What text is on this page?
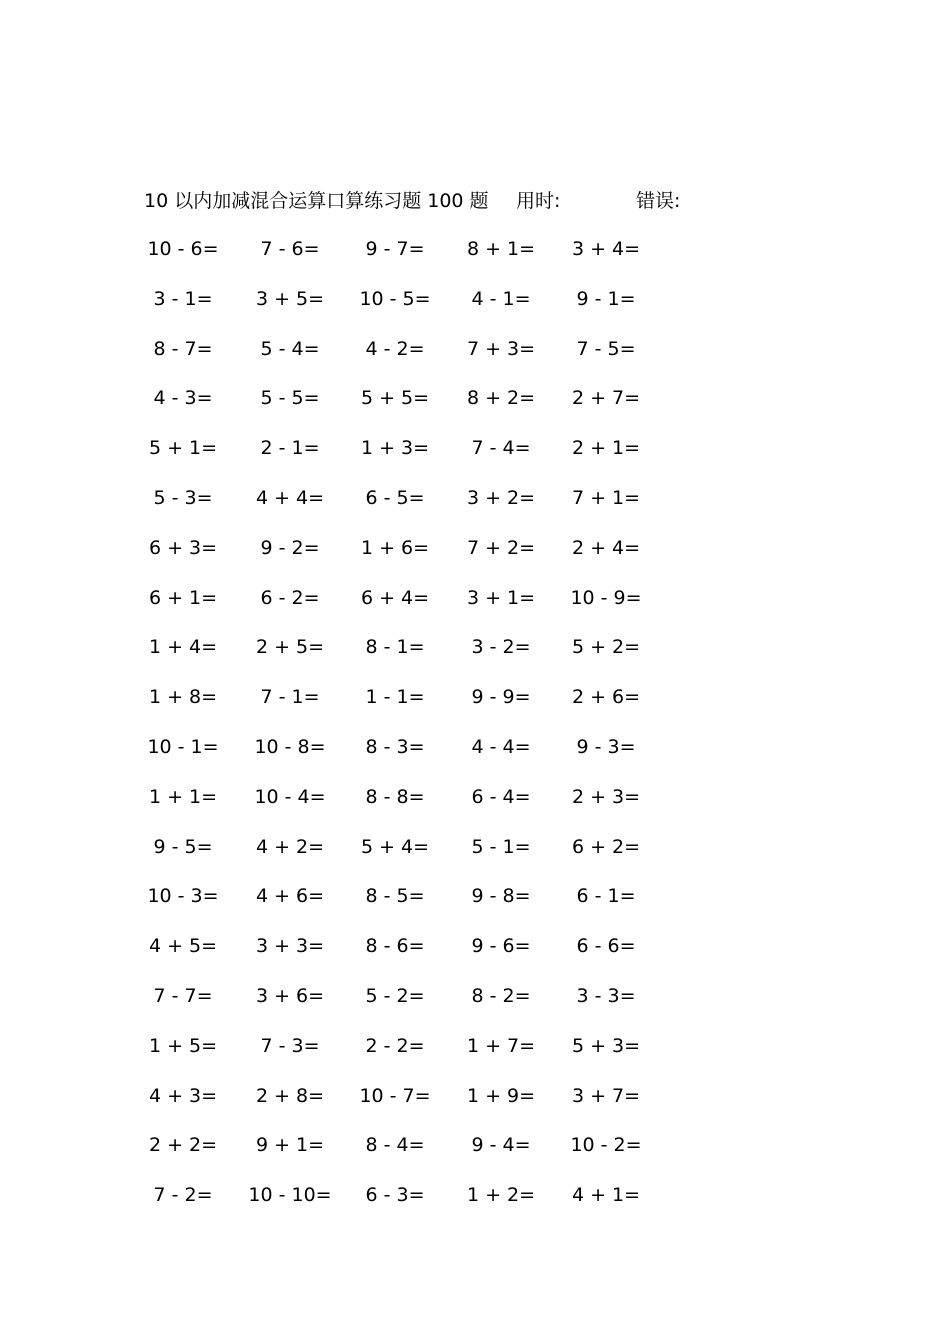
10 以内加减混合运算口算练习题 100 题 用时:	错误:
10 - 6=	7 - 6=	9 - 7=	8 + 1=	3 + 4=
3 - 1=	3 + 5=	10 - 5=	4 - 1=	9 - 1=
8 - 7=	5 - 4=	4 - 2=	7 + 3=	7 - 5=
4 - 3=	5 - 5=	5 + 5=	8 + 2=	2 + 7=
5 + 1=	2 - 1=	1 + 3=	7 - 4=	2 + 1=
5 - 3=	4 + 4=	6 - 5=	3 + 2=	7 + 1=
6 + 3=	9 - 2=	1 + 6=	7 + 2=	2 + 4=
6 + 1=	6 - 2=	6 + 4=	3 + 1=	10 - 9=
1 + 4=	2 + 5=	8 - 1=	3 - 2=	5 + 2=
1 + 8=	7 - 1=	1 - 1=	9 - 9=	2 + 6=
10 - 1=	10 - 8=	8 - 3=	4 - 4=	9 - 3=
1 + 1=	10 - 4=	8 - 8=	6 - 4=	2 + 3=
9 - 5=	4 + 2=	5 + 4=	5 - 1=	6 + 2=
10 - 3=	4 + 6=	8 - 5=	9 - 8=	6 - 1=
4 + 5=	3 + 3=	8 - 6=	9 - 6=	6 - 6=
7 - 7=	3 + 6=	5 - 2=	8 - 2=	3 - 3=
1 + 5=	7 - 3=	2 - 2=	1 + 7=	5 + 3=
4 + 3=	2 + 8=	10 - 7=	1 + 9=	3 + 7=
2 + 2=	9 + 1=	8 - 4=	9 - 4=	10 - 2=
7 - 2=	10 - 10=	6 - 3=	1 + 2=	4 + 1=
